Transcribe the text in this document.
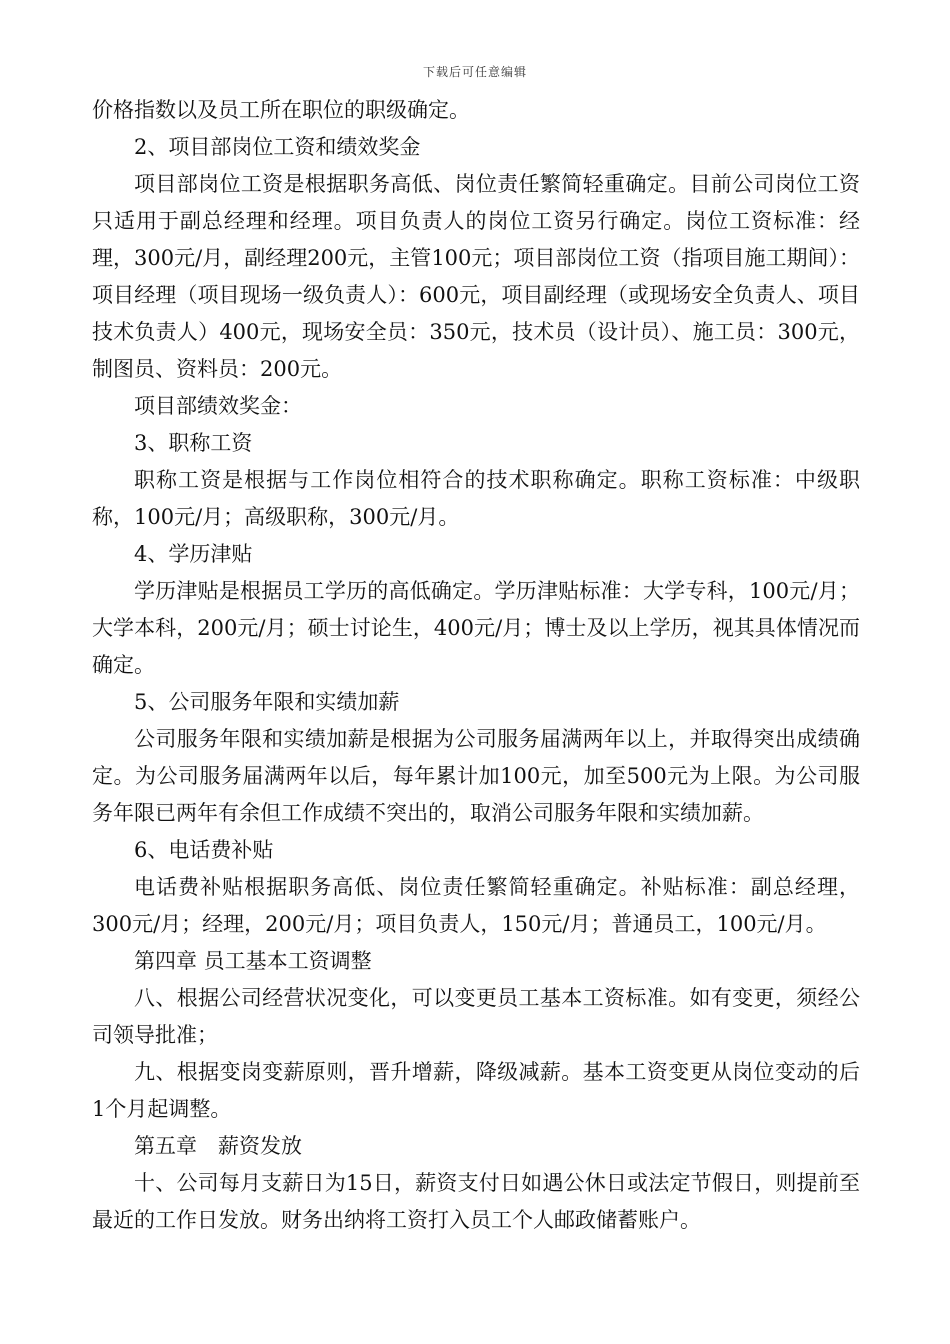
下载后可任意编辑

价格指数以及员工所在职位的职级确定。

2、项目部岗位工资和绩效奖金

项目部岗位工资是根据职务高低、岗位责任繁简轻重确定。目前公司岗位工资只适用于副总经理和经理。项目负责人的岗位工资另行确定。岗位工资标准：经理，300元/月，副经理200元，主管100元；项目部岗位工资（指项目施工期间）：项目经理（项目现场一级负责人）：600元，项目副经理（或现场安全负责人、项目技术负责人）400元，现场安全员：350元，技术员（设计员）、施工员：300元，制图员、资料员：200元。

项目部绩效奖金：

3、职称工资

职称工资是根据与工作岗位相符合的技术职称确定。职称工资标准：中级职称，100元/月；高级职称，300元/月。

4、学历津贴

学历津贴是根据员工学历的高低确定。学历津贴标准：大学专科，100元/月；大学本科，200元/月；硕士讨论生，400元/月；博士及以上学历，视其具体情况而确定。

5、公司服务年限和实绩加薪

公司服务年限和实绩加薪是根据为公司服务届满两年以上，并取得突出成绩确定。为公司服务届满两年以后，每年累计加100元，加至500元为上限。为公司服务年限已两年有余但工作成绩不突出的，取消公司服务年限和实绩加薪。

6、电话费补贴

电话费补贴根据职务高低、岗位责任繁简轻重确定。补贴标准：副总经理，300元/月；经理，200元/月；项目负责人，150元/月；普通员工，100元/月。

第四章 员工基本工资调整

八、根据公司经营状况变化，可以变更员工基本工资标准。如有变更，须经公司领导批准；

九、根据变岗变薪原则，晋升增薪，降级减薪。基本工资变更从岗位变动的后1个月起调整。

第五章　薪资发放

十、公司每月支薪日为15日，薪资支付日如遇公休日或法定节假日，则提前至最近的工作日发放。财务出纳将工资打入员工个人邮政储蓄账户。
